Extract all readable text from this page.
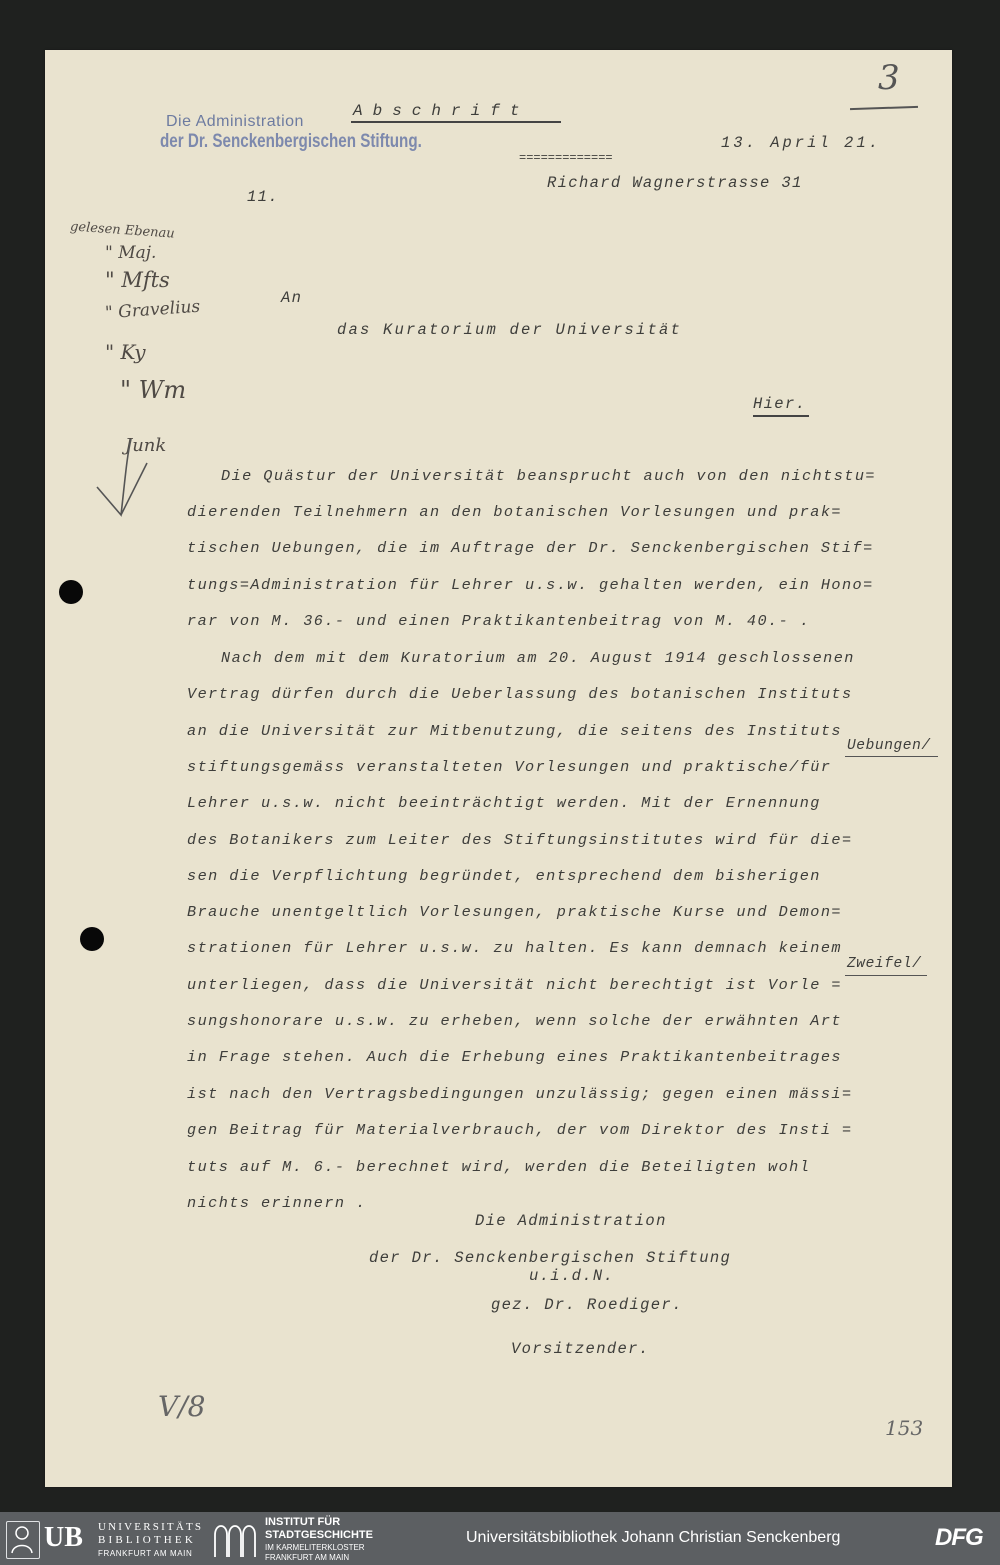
Die Administration
der Dr. Senckenbergischen Stiftung.
3
Abschrift
13. April 21.
=============
Richard Wagnerstrasse 31
11.
An
das Kuratorium der Universität
Hier.
Die Quästur der Universität beansprucht auch von den nichtstu=
dierenden Teilnehmern an den botanischen Vorlesungen und prak=
tischen Uebungen, die im Auftrage der Dr. Senckenbergischen Stif=
tungs=Administration für Lehrer u.s.w. gehalten werden, ein Hono=
rar von M. 36.- und einen Praktikantenbeitrag von M. 40.- .
Nach dem mit dem Kuratorium am 20. August 1914 geschlossenen
Vertrag dürfen durch die Ueberlassung des botanischen Instituts
an die Universität zur Mitbenutzung, die seitens des Instituts
stiftungsgemäss veranstalteten Vorlesungen und praktische/für
Lehrer u.s.w. nicht beeinträchtigt werden. Mit der Ernennung
des Botanikers zum Leiter des Stiftungsinstitutes wird für die=
sen die Verpflichtung begründet, entsprechend dem bisherigen
Brauche unentgeltlich Vorlesungen, praktische Kurse und Demon=
strationen für Lehrer u.s.w. zu halten. Es kann demnach keinem
unterliegen, dass die Universität nicht berechtigt ist Vorle =
sungshonorare u.s.w. zu erheben, wenn solche der erwähnten Art
in Frage stehen. Auch die Erhebung eines Praktikantenbeitrages
ist nach den Vertragsbedingungen unzulässig; gegen einen mässi=
gen Beitrag für Materialverbrauch, der vom Direktor des Insti =
tuts auf M. 6.- berechnet wird, werden die Beteiligten wohl
nichts erinnern .
Uebungen/
Zweifel/
Die Administration
der Dr. Senckenbergischen Stiftung
u.i.d.N.
gez. Dr. Roediger.
Vorsitzender.
gelesen Ebenau
" Maj.
" Mfts
" Gravelius
" Ky
" Wm
Junk
V/8
153
UB UNIVERSITÄTS
BIBLIOTHEK
FRANKFURT AM MAIN
INSTITUT FÜR
STADTGESCHICHTE
IM KARMELITERKLOSTER
FRANKFURT AM MAIN
Universitätsbibliothek Johann Christian Senckenberg	DFG
